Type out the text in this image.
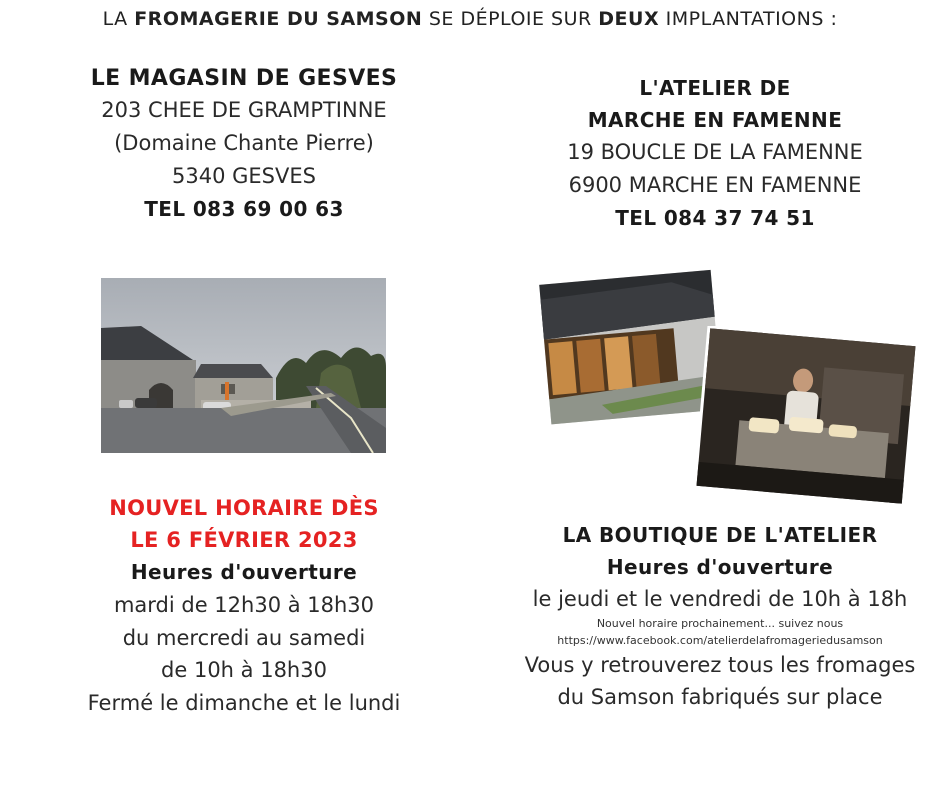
LA FROMAGERIE DU SAMSON SE DÉPLOIE SUR DEUX IMPLANTATIONS :
LE MAGASIN DE GESVES
203 CHEE DE GRAMPTINNE
(Domaine Chante Pierre)
5340 GESVES
TEL 083 69 00 63
L'ATELIER DE
MARCHE EN FAMENNE
19 BOUCLE DE LA FAMENNE
6900 MARCHE EN FAMENNE
TEL 084 37 74 51
NOUVEL HORAIRE DÈS
LE 6 FÉVRIER 2023
Heures d'ouverture
mardi de 12h30 à 18h30
du mercredi au samedi
de 10h à 18h30
Fermé le dimanche et le lundi
LA BOUTIQUE DE L'ATELIER
Heures d'ouverture
le jeudi et le vendredi de 10h à 18h
Nouvel horaire prochainement... suivez nous
https://www.facebook.com/atelierdelafromageriedusamson
Vous y retrouverez tous les fromages
du Samson fabriqués sur place
